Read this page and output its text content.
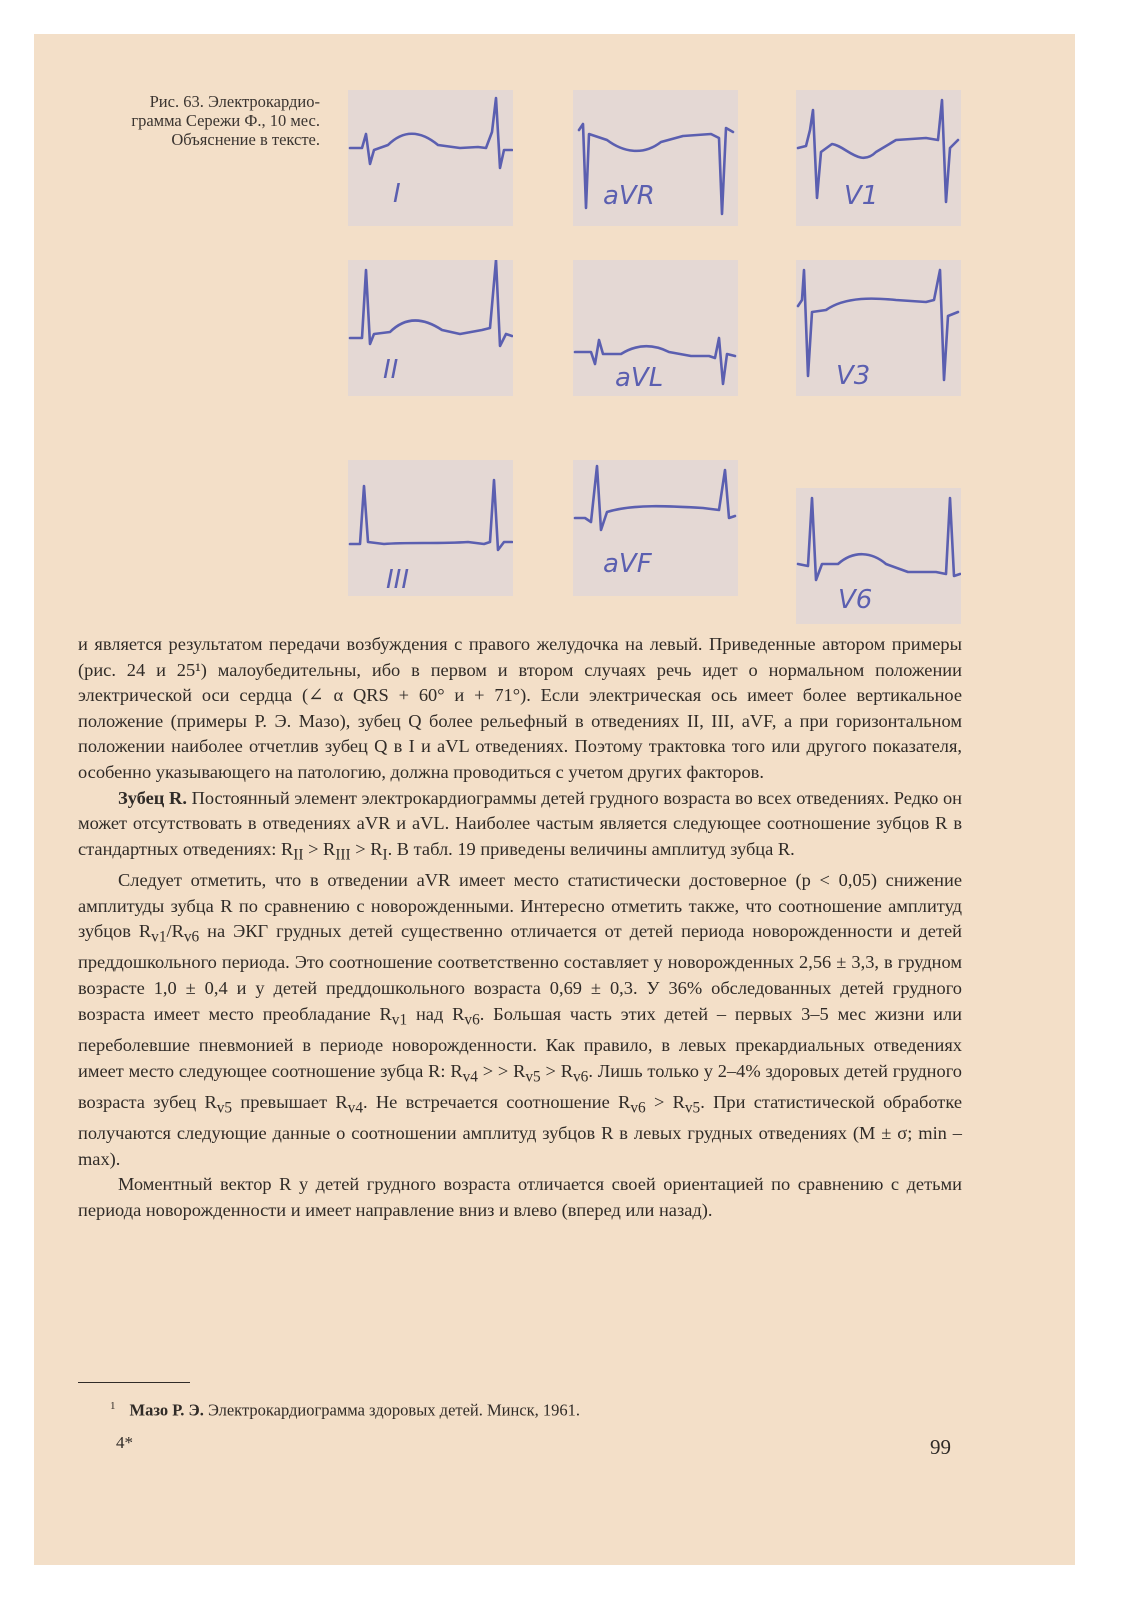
Рис. 63. Электрокардио-
грамма Сережи Ф., 10 мес.
Объяснение в тексте.
I	aVR	V1
II	aVL	V3
III
aVF
V6

и является результатом передачи возбуждения с правого желудочка на левый. Приведенные автором примеры (рис. 24 и 25¹) малоубедительны, ибо в первом и втором случаях речь идет о нормальном положении электрической оси сердца (∠ α QRS + 60° и + 71°). Если электрическая ось имеет более вертикальное положение (примеры Р. Э. Мазо), зубец Q более рельефный в отведениях II, III, aVF, а при горизонтальном положении наиболее отчетлив зубец Q в I и aVL отведениях. Поэтому трактовка того или другого показателя, особенно указывающего на патологию, должна проводиться с учетом других факторов.

Зубец R. Постоянный элемент электрокардиограммы детей грудного возраста во всех отведениях. Редко он может отсутствовать в отведениях aVR и aVL. Наиболее частым является следующее соотношение зубцов R в стандартных отведениях: $R_{II} > R_{III} > R_I$. В табл. 19 приведены величины амплитуд зубца R.

Следует отметить, что в отведении aVR имеет место статистически достоверное (p < 0,05) снижение амплитуды зубца R по сравнению с новорожденными. Интересно отметить также, что соотношение амплитуд зубцов $R_{v1}/R_{v6}$ на ЭКГ грудных детей существенно отличается от детей периода новорожденности и детей преддошкольного периода. Это соотношение соответственно составляет у новорожденных 2,56 ± 3,3, в грудном возрасте 1,0 ± 0,4 и у детей преддошкольного возраста 0,69 ± 0,3. У 36% обследованных детей грудного возраста имеет место преобладание $R_{v1}$ над $R_{v6}$. Большая часть этих детей – первых 3–5 мес жизни или переболевшие пневмонией в периоде новорожденности. Как правило, в левых прекардиальных отведениях имеет место следующее соотношение зубца R: $R_{v4}$ > > $R_{v5} > R_{v6}$. Лишь только у 2–4% здоровых детей грудного возраста зубец $R_{v5}$ превышает $R_{v4}$. Не встречается соотношение $R_{v6} > R_{v5}$. При статистической обработке получаются следующие данные о соотношении амплитуд зубцов R в левых грудных отведениях (M ± σ; min – max).

Моментный вектор R у детей грудного возраста отличается своей ориентацией по сравнению с детьми периода новорожденности и имеет направление вниз и влево (вперед или назад).

$^1$ Мазо Р. Э. Электрокардиограмма здоровых детей. Минск, 1961.
4*	99
